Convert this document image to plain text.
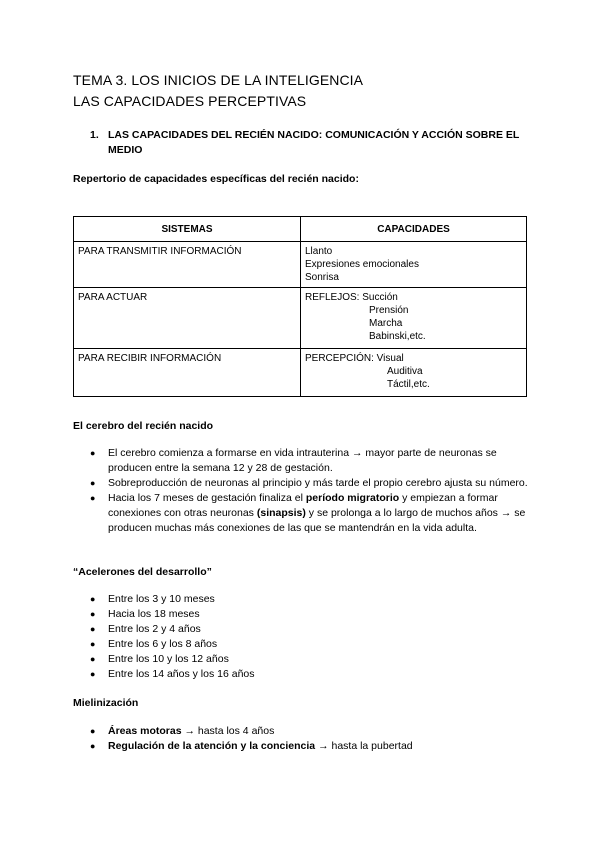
TEMA 3. LOS INICIOS DE LA INTELIGENCIA
LAS CAPACIDADES PERCEPTIVAS
1. LAS CAPACIDADES DEL RECIÉN NACIDO: COMUNICACIÓN Y ACCIÓN SOBRE EL MEDIO
Repertorio de capacidades específicas del recién nacido:
SISTEMAS	CAPACIDADES
PARA TRANSMITIR INFORMACIÓN	Llanto
Expresiones emocionales
Sonrisa

PARA ACTUAR	REFLEJOS: Succión
Prensión
Marcha
Babinski,etc.

PARA RECIBIR INFORMACIÓN	PERCEPCIÓN: Visual
Auditiva
Táctil,etc.
El cerebro del recién nacido
● El cerebro comienza a formarse en vida intrauterina → mayor parte de neuronas se producen entre la semana 12 y 28 de gestación.
● Sobreproducción de neuronas al principio y más tarde el propio cerebro ajusta su número.
● Hacia los 7 meses de gestación finaliza el período migratorio y empiezan a formar conexiones con otras neuronas (sinapsis) y se prolonga a lo largo de muchos años → se producen muchas más conexiones de las que se mantendrán en la vida adulta.
“Acelerones del desarrollo”
● Entre los 3 y 10 meses
● Hacia los 18 meses
● Entre los 2 y 4 años
● Entre los 6 y los 8 años
● Entre los 10 y los 12 años
● Entre los 14 años y los 16 años
Mielinización
● Áreas motoras → hasta los 4 años
● Regulación de la atención y la conciencia → hasta la pubertad
